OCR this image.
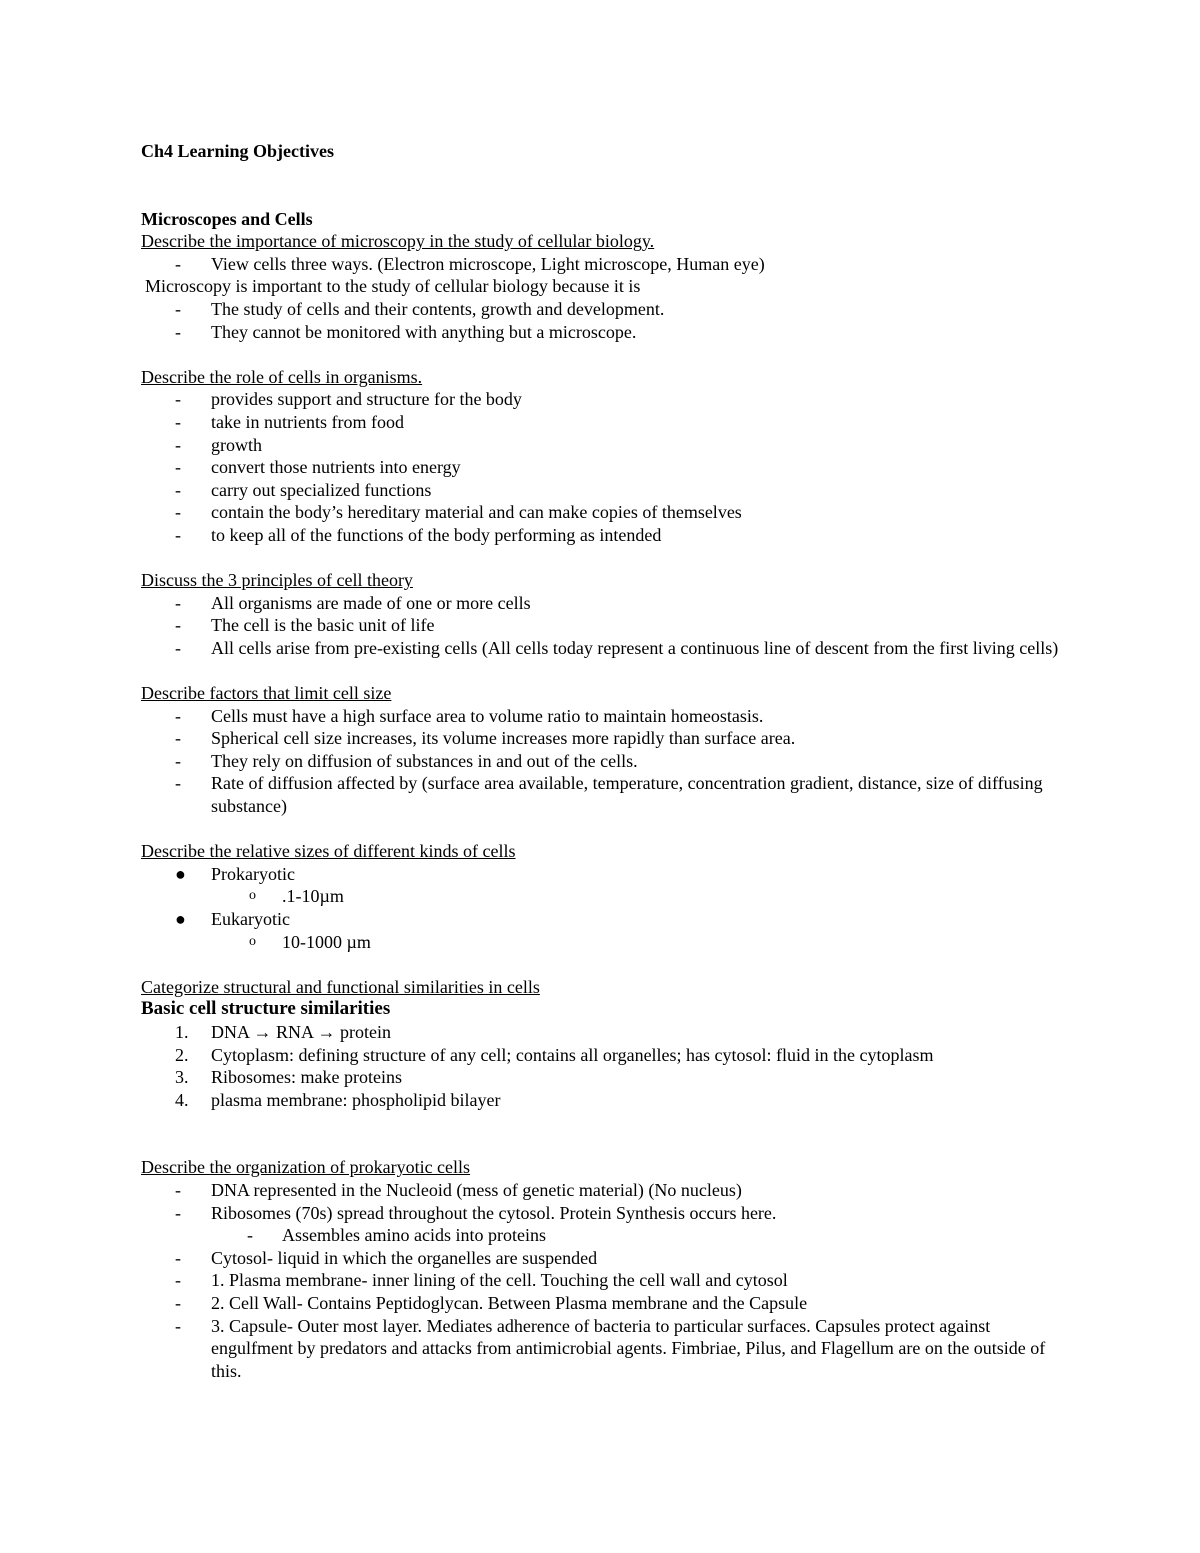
Ch4 Learning Objectives

Microscopes and Cells

Describe the importance of microscopy in the study of cellular biology.

-	View cells three ways. (Electron microscope, Light microscope, Human eye)

Microscopy is important to the study of cellular biology because it is

-	The study of cells and their contents, growth and development.
-	They cannot be monitored with anything but a microscope.

Describe the role of cells in organisms.

-	provides support and structure for the body
-	take in nutrients from food
-	growth
-	convert those nutrients into energy
-	carry out specialized functions
-	contain the body’s hereditary material and can make copies of themselves
-	to keep all of the functions of the body performing as intended

Discuss the 3 principles of cell theory

-	All organisms are made of one or more cells
-	The cell is the basic unit of life
-	All cells arise from pre-existing cells (All cells today represent a continuous line of descent from the first living cells)

Describe factors that limit cell size

-	Cells must have a high surface area to volume ratio to maintain homeostasis.
-	Spherical cell size increases, its volume increases more rapidly than surface area.
-	They rely on diffusion of substances in and out of the cells.
-	Rate of diffusion affected by (surface area available, temperature, concentration gradient, distance, size of diffusing substance)

Describe the relative sizes of different kinds of cells

●	Prokaryotic
o	.1-10µm
●	Eukaryotic
o	10-1000 µm

Categorize structural and functional similarities in cells

Basic cell structure similarities

1.	DNA → RNA → protein
2.	Cytoplasm: defining structure of any cell; contains all organelles; has cytosol: fluid in the cytoplasm
3.	Ribosomes: make proteins
4.	plasma membrane: phospholipid bilayer

Describe the organization of prokaryotic cells

-	DNA represented in the Nucleoid (mess of genetic material) (No nucleus)
-	Ribosomes (70s) spread throughout the cytosol. Protein Synthesis occurs here.
-	Assembles amino acids into proteins
-	Cytosol- liquid in which the organelles are suspended
-	1. Plasma membrane- inner lining of the cell. Touching the cell wall and cytosol
-	2. Cell Wall- Contains Peptidoglycan. Between Plasma membrane and the Capsule
-	3. Capsule- Outer most layer. Mediates adherence of bacteria to particular surfaces. Capsules protect against engulfment by predators and attacks from antimicrobial agents. Fimbriae, Pilus, and Flagellum are on the outside of this.
